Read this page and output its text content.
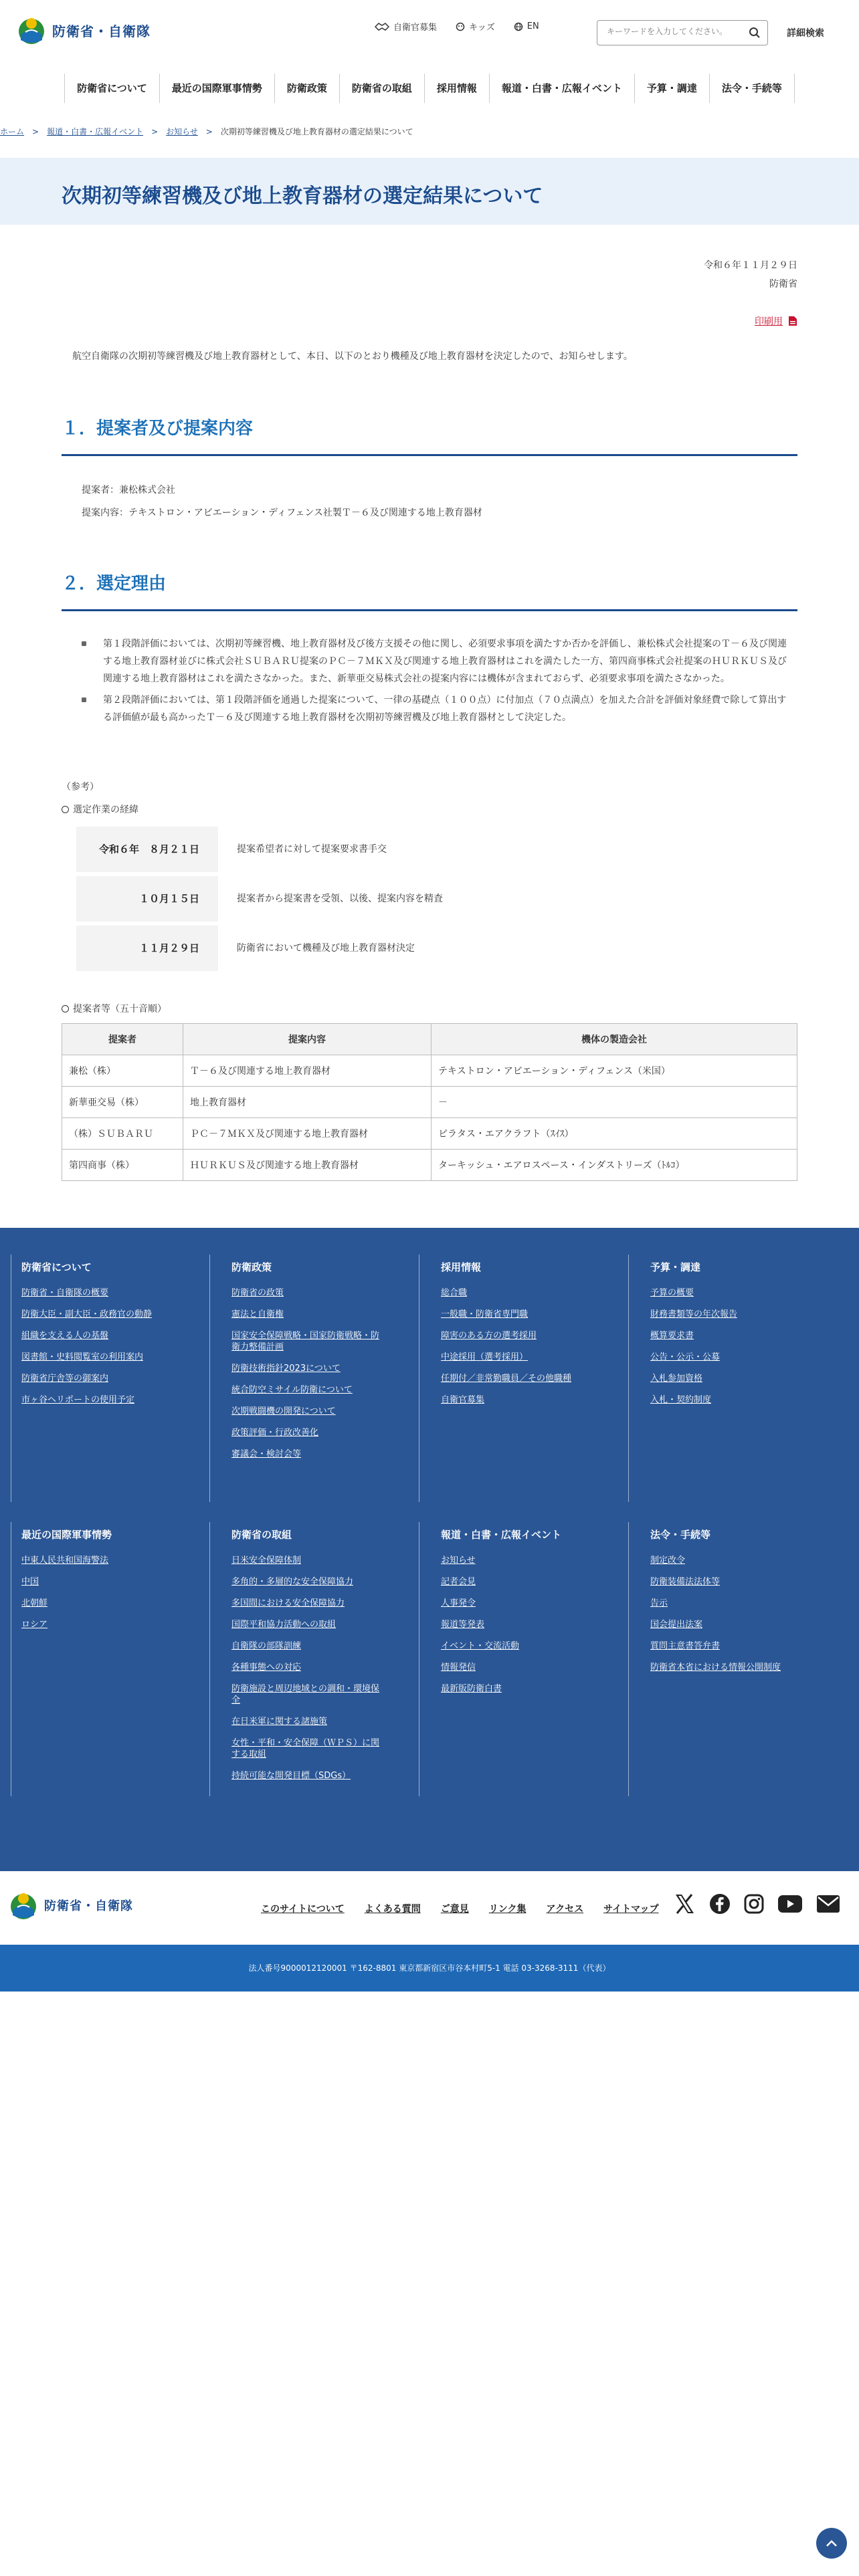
防衛省・自衛隊	自衛官募集	キッズ	EN
キーワードを入力してください。
詳細検索
防衛省について	最近の国際軍事情勢	防衛政策	防衛省の取組	採用情報	報道・白書・広報イベント	予算・調達	法令・手続等
ホーム > 報道・白書・広報イベント > お知らせ > 次期初等練習機及び地上教育器材の選定結果について
次期初等練習機及び地上教育器材の選定結果について
令和６年１１月２９日
防衛省
印刷用
航空自衛隊の次期初等練習機及び地上教育器材として、本日、以下のとおり機種及び地上教育器材を決定したので、お知らせします。
１．提案者及び提案内容
提案者：兼松株式会社
提案内容：テキストロン・アビエーション・ディフェンス社製Ｔ－６及び関連する地上教育器材
２．選定理由
第１段階評価においては、次期初等練習機、地上教育器材及び後方支援その他に関し、必須要求事項を満たすか否かを評価し、兼松株式会社提案のＴ－６及び関連する地上教育器材並びに株式会社ＳＵＢＡＲＵ提案のＰＣ－７ＭＫＸ及び関連する地上教育器材はこれを満たした一方、第四商事株式会社提案のＨＵＲＫＵＳ及び関連する地上教育器材はこれを満たさなかった。また、新華亜交易株式会社の提案内容には機体が含まれておらず、必須要求事項を満たさなかった。
第２段階評価においては、第１段階評価を通過した提案について、一律の基礎点（１００点）に付加点（７０点満点）を加えた合計を評価対象経費で除して算出する評価値が最も高かったＴ－６及び関連する地上教育器材を次期初等練習機及び地上教育器材として決定した。
（参考）
選定作業の経緯
令和６年　８月２１日	提案希望者に対して提案要求書手交
１０月１５日	提案者から提案書を受領、以後、提案内容を精査
１１月２９日	防衛省において機種及び地上教育器材決定
提案者等（五十音順）
提案者	提案内容	機体の製造会社
兼松（株）	Ｔ－６及び関連する地上教育器材	テキストロン・アビエーション・ディフェンス（米国）
新華亜交易（株）	地上教育器材	－
（株）ＳＵＢＡＲＵ	ＰＣ－７ＭＫＸ及び関連する地上教育器材	ピラタス・エアクラフト（ｽｲｽ）
第四商事（株）	ＨＵＲＫＵＳ及び関連する地上教育器材	ターキッシュ・エアロスペース・インダストリーズ（ﾄﾙｺ）
防衛省について
防衛省・自衛隊の概要
防衛大臣・副大臣・政務官の動静
組織を支える人の基盤
図書館・史料閲覧室の利用案内
防衛省庁舎等の御案内
市ヶ谷ヘリポートの使用予定
防衛政策
防衛省の政策
憲法と自衛権
国家安全保障戦略・国家防衛戦略・防衛力整備計画
防衛技術指針2023について
統合防空ミサイル防衛について
次期戦闘機の開発について
政策評価・行政改善化
審議会・検討会等
採用情報
総合職
一般職・防衛省専門職
障害のある方の選考採用
中途採用（選考採用）
任期付／非常勤職員／その他職種
自衛官募集
予算・調達
予算の概要
財務書類等の年次報告
概算要求書
公告・公示・公募
入札参加資格
入札・契約制度
最近の国際軍事情勢
中東人民共和国海警法
中国
北朝鮮
ロシア
防衛省の取組
日米安全保障体制
多角的・多層的な安全保障協力
多国間における安全保障協力
国際平和協力活動への取組
自衛隊の部隊訓練
各種事態への対応
防衛施設と周辺地域との調和・環境保全
在日米軍に関する諸施策
女性・平和・安全保障（ＷＰＳ）に関する取組
持続可能な開発目標（SDGs）
報道・白書・広報イベント
お知らせ
記者会見
人事発令
報道等発表
イベント・交流活動
情報発信
最新版防衛白書
法令・手続等
制定改令
防衛装備法法体等
告示
国会提出法案
質問主意書答弁書
防衛省本省における情報公開制度
防衛省・自衛隊	このサイトについて よくある質問 ご意見 リンク集 アクセス サイトマップ
法人番号9000012120001 〒162-8801 東京都新宿区市谷本村町5-1 電話 03-3268-3111（代表）
